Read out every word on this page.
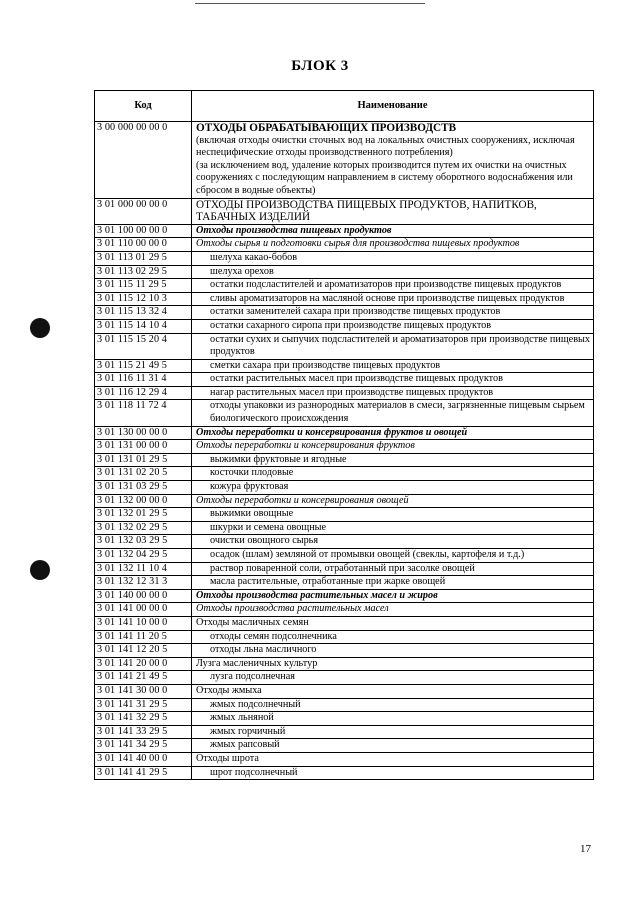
БЛОК 3
Код	Наименование
3 00 000 00 00 0	ОТХОДЫ ОБРАБАТЫВАЮЩИХ ПРОИЗВОДСТВ
(включая отходы очистки сточных вод на локальных очистных сооружениях, исключая неспецифические отходы производственного потребления)
(за исключением вод, удаление которых производится путем их очистки на очистных сооружениях с последующим направлением в систему оборотного водоснабжения или сбросом в водные объекты)

3 01 000 00 00 0	ОТХОДЫ ПРОИЗВОДСТВА ПИЩЕВЫХ ПРОДУКТОВ, НАПИТКОВ, ТАБАЧНЫХ ИЗДЕЛИЙ

3 01 100 00 00 0	Отходы производства пищевых продуктов

3 01 110 00 00 0	Отходы сырья и подготовки сырья для производства пищевых продуктов

3 01 113 01 29 5	шелуха какао-бобов

3 01 113 02 29 5	шелуха орехов

3 01 115 11 29 5	остатки подсластителей и ароматизаторов при производстве пищевых продуктов

3 01 115 12 10 3	сливы ароматизаторов на масляной основе при производстве пищевых продуктов

3 01 115 13 32 4	остатки заменителей сахара при производстве пищевых продуктов

3 01 115 14 10 4	остатки сахарного сиропа при производстве пищевых продуктов

3 01 115 15 20 4	остатки сухих и сыпучих подсластителей и ароматизаторов при производстве пищевых продуктов

3 01 115 21 49 5	сметки сахара при производстве пищевых продуктов

3 01 116 11 31 4	остатки растительных масел при производстве пищевых продуктов

3 01 116 12 29 4	нагар растительных масел при производстве пищевых продуктов

3 01 118 11 72 4	отходы упаковки из разнородных материалов в смеси, загрязненные пищевым сырьем биологического происхождения

3 01 130 00 00 0	Отходы переработки и консервирования фруктов и овощей

3 01 131 00 00 0	Отходы переработки и консервирования фруктов

3 01 131 01 29 5	выжимки фруктовые и ягодные

3 01 131 02 20 5	косточки плодовые

3 01 131 03 29 5	кожура фруктовая

3 01 132 00 00 0	Отходы переработки и консервирования овощей

3 01 132 01 29 5	выжимки овощные

3 01 132 02 29 5	шкурки и семена овощные

3 01 132 03 29 5	очистки овощного сырья

3 01 132 04 29 5	осадок (шлам) земляной от промывки овощей (свеклы, картофеля и т.д.)

3 01 132 11 10 4	раствор поваренной соли, отработанный при засолке овощей

3 01 132 12 31 3	масла растительные, отработанные при жарке овощей

3 01 140 00 00 0	Отходы производства растительных масел и жиров

3 01 141 00 00 0	Отходы производства растительных масел

3 01 141 10 00 0	Отходы масличных семян

3 01 141 11 20 5	отходы семян подсолнечника

3 01 141 12 20 5	отходы льна масличного

3 01 141 20 00 0	Лузга масленичных культур

3 01 141 21 49 5	лузга подсолнечная

3 01 141 30 00 0	Отходы жмыха

3 01 141 31 29 5	жмых подсолнечный

3 01 141 32 29 5	жмых льняной

3 01 141 33 29 5	жмых горчичный

3 01 141 34 29 5	жмых рапсовый

3 01 141 40 00 0	Отходы шрота

3 01 141 41 29 5	шрот подсолнечный
17
